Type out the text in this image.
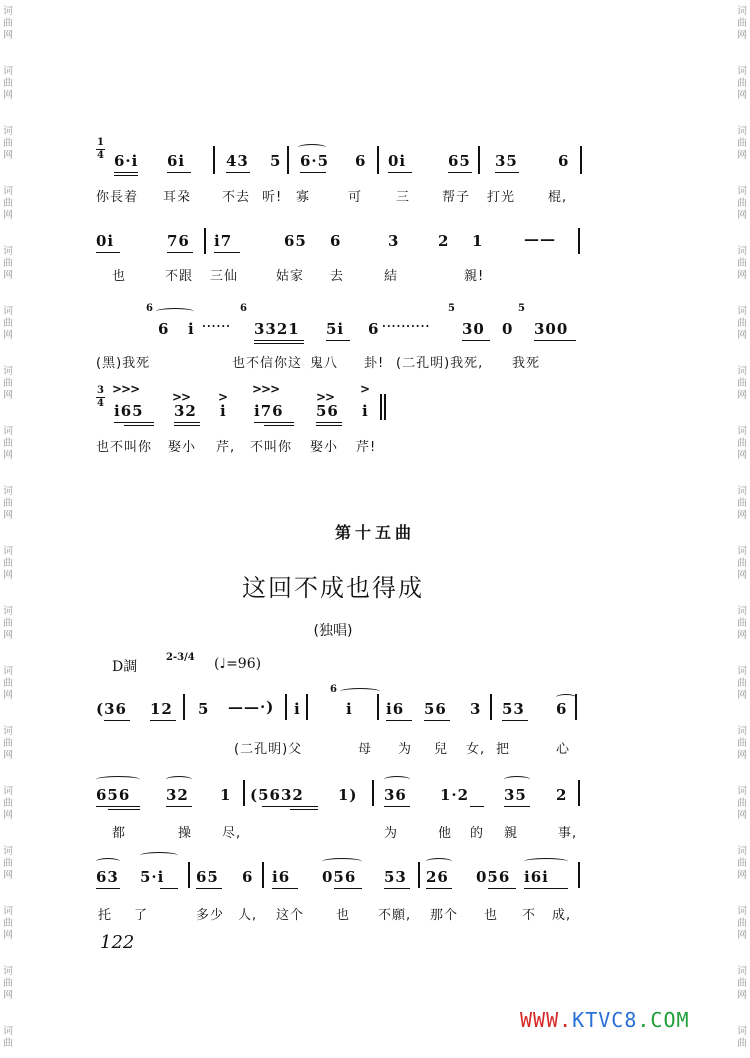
词
曲
网
词
曲
网
词
曲
网
词
曲
网
词
曲
网
词
曲
网
词
曲
网
词
曲
网
词
曲
网
词
曲
网
词
曲
网
词
曲
网
词
曲
网
词
曲
网
词
曲
网
词
曲
网
词
曲
网
词
曲
词
曲
网
词
曲
网
词
曲
网
词
曲
网
词
曲
网
词
曲
网
词
曲
网
词
曲
网
词
曲
网
词
曲
网
词
曲
网
词
曲
网
词
曲
网
词
曲
网
词
曲
网
词
曲
网
词
曲
网
词
曲
1
4 6·i 6i	43 5 6·5 6 0i	65 35	6
你長着 耳朶 不去 听! 寡	可	三 帮子 打光	棍,
0i	76 i7	65 6	3	2 1	——
也	不跟 三仙	姑家 去	結	親!
6	6	5	5
6 i ······ 3321 5i 6 ·········· 30 0 300
(黑)我死	也不信你这 鬼八 卦! (二孔明)我死, 我死
3
4
>>>
>> >
>>>
>>
>
i65 32 i i76 56 i
也不叫你 娶小 芹, 不叫你 娶小 芹!
第十五曲
这回不成也得成
(独唱)
D調
2-3/4 (♩=96)
6
(36 12 5 ——·) i	i i6 56 3 53 6
(二孔明)父	母 为 兒 女, 把	心
656 32 1 (5632 1) 36 1·2 35 2
都	操 尽,	为	他 的 親	事,
63 5·i 65 6 i6 056 53 26 056 i6i
托 了	多少 人, 这个 也 不願, 那个 也 不 成,
122
WWW.KTVC8.COM
